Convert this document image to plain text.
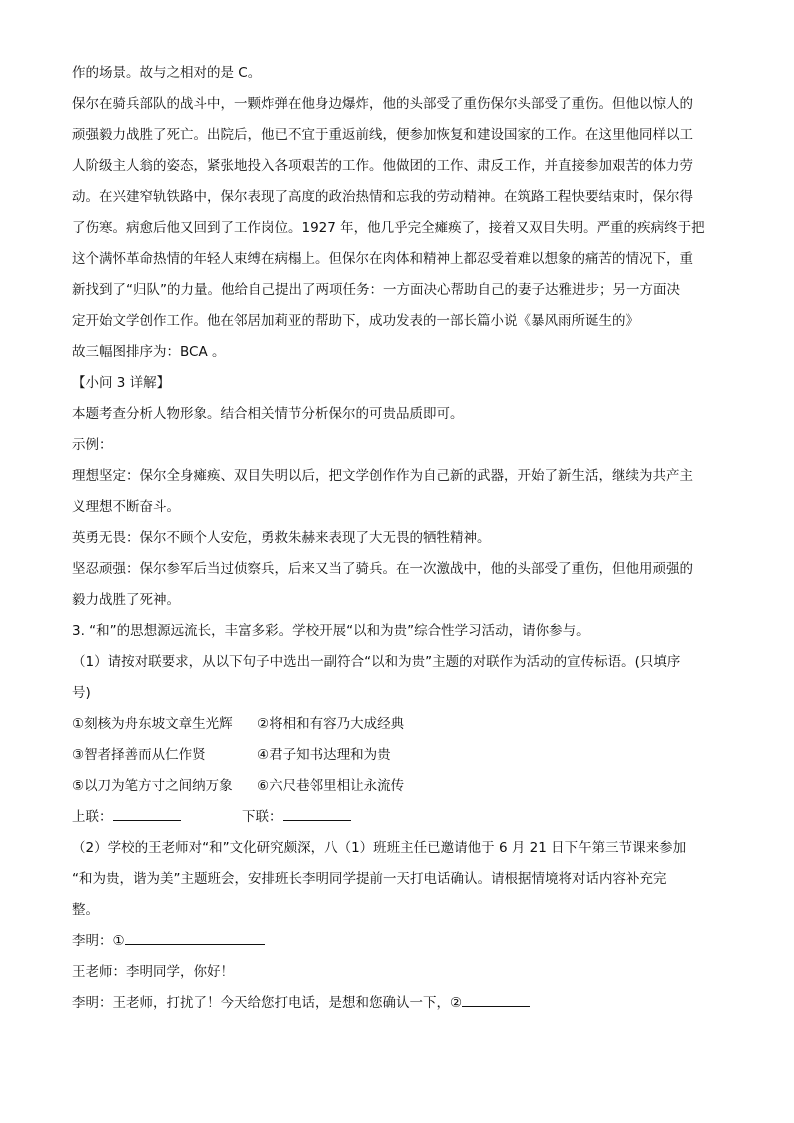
作的场景。故与之相对的是 C。
保尔在骑兵部队的战斗中，一颗炸弹在他身边爆炸，他的头部受了重伤保尔头部受了重伤。但他以惊人的
顽强毅力战胜了死亡。出院后，他已不宜于重返前线，便参加恢复和建设国家的工作。在这里他同样以工
人阶级主人翁的姿态，紧张地投入各项艰苦的工作。他做团的工作、肃反工作，并直接参加艰苦的体力劳
动。在兴建窄轨铁路中，保尔表现了高度的政治热情和忘我的劳动精神。在筑路工程快要结束时，保尔得
了伤寒。病愈后他又回到了工作岗位。1927 年，他几乎完全瘫痪了，接着又双目失明。严重的疾病终于把
这个满怀革命热情的年轻人束缚在病榻上。但保尔在肉体和精神上都忍受着难以想象的痛苦的情况下，重
新找到了“归队”的力量。他给自己提出了两项任务：一方面决心帮助自己的妻子达雅进步；另一方面决
定开始文学创作工作。他在邻居加莉亚的帮助下，成功发表的一部长篇小说《暴风雨所诞生的》
故三幅图排序为：BCA 。
【小问 3 详解】
本题考查分析人物形象。结合相关情节分析保尔的可贵品质即可。
示例：
理想坚定：保尔全身瘫痪、双目失明以后，把文学创作作为自己新的武器，开始了新生活，继续为共产主
义理想不断奋斗。
英勇无畏：保尔不顾个人安危，勇救朱赫来表现了大无畏的牺牲精神。
坚忍顽强：保尔参军后当过侦察兵，后来又当了骑兵。在一次激战中，他的头部受了重伤，但他用顽强的
毅力战胜了死神。
3. “和”的思想源远流长，丰富多彩。学校开展“以和为贵”综合性学习活动，请你参与。
（1）请按对联要求，从以下句子中选出一副符合“以和为贵”主题的对联作为活动的宣传标语。(只填序
号)
①刻核为舟东坡文章生光辉	②将相和有容乃大成经典
③智者择善而从仁作贤	④君子知书达理和为贵
⑤以刀为笔方寸之间纳万象	⑥六尺巷邻里相让永流传
上联：	下联：
（2）学校的王老师对“和”文化研究颇深，八（1）班班主任已邀请他于 6 月 21 日下午第三节课来参加
“和为贵，谐为美”主题班会，安排班长李明同学提前一天打电话确认。请根据情境将对话内容补充完
整。
李明：①
王老师：李明同学，你好！
李明：王老师，打扰了！今天给您打电话，是想和您确认一下，②
